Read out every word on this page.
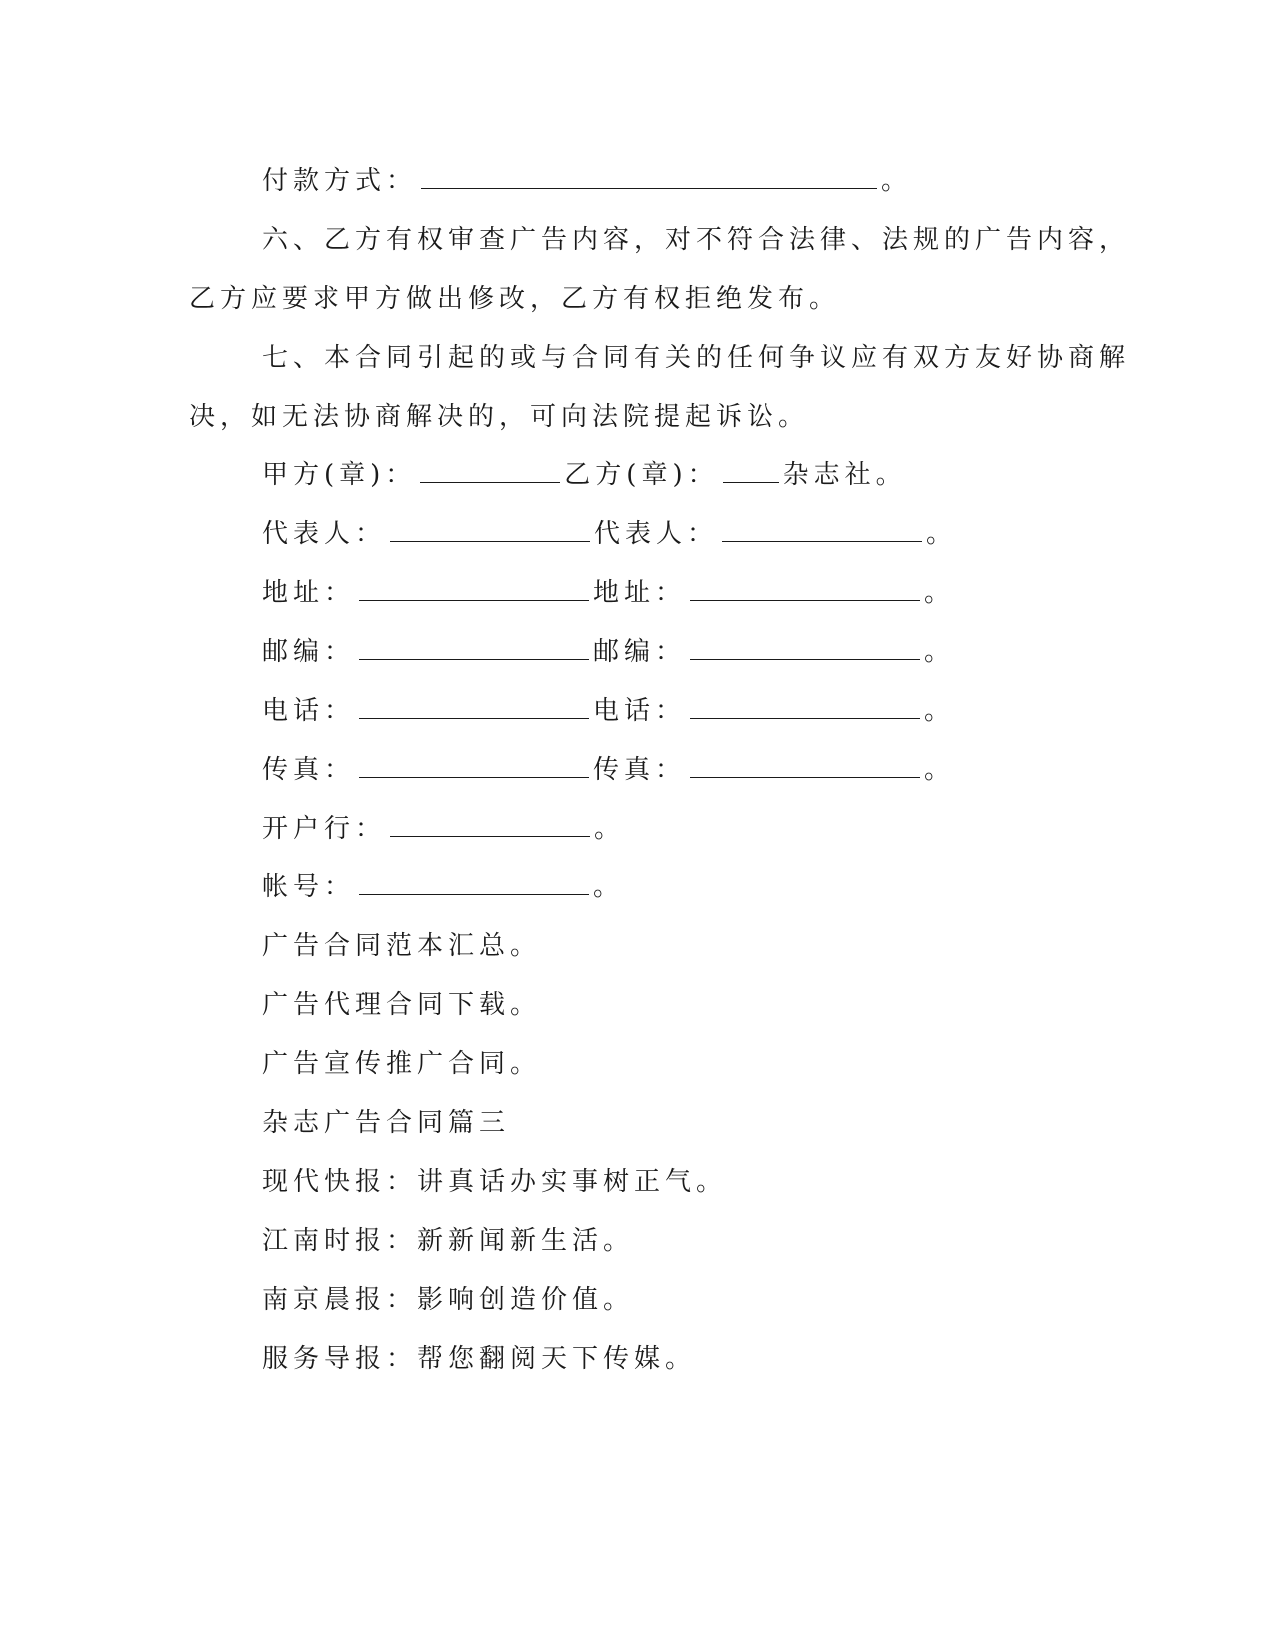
付款方式：	。
六、乙方有权审查广告内容，对不符合法律、法规的广告内容，
乙方应要求甲方做出修改，乙方有权拒绝发布。
七、本合同引起的或与合同有关的任何争议应有双方友好协商解
决，如无法协商解决的，可向法院提起诉讼。
甲方(章)：	乙方(章)： 杂志社。
代表人：	代表人：	。
地址：	地址：	。
邮编：	邮编：	。
电话：	电话：	。
传真：	传真：	。
开户行：	。
帐号：	。
广告合同范本汇总。
广告代理合同下载。
广告宣传推广合同。
杂志广告合同篇三
现代快报：讲真话办实事树正气。
江南时报：新新闻新生活。
南京晨报：影响创造价值。
服务导报：帮您翻阅天下传媒。
